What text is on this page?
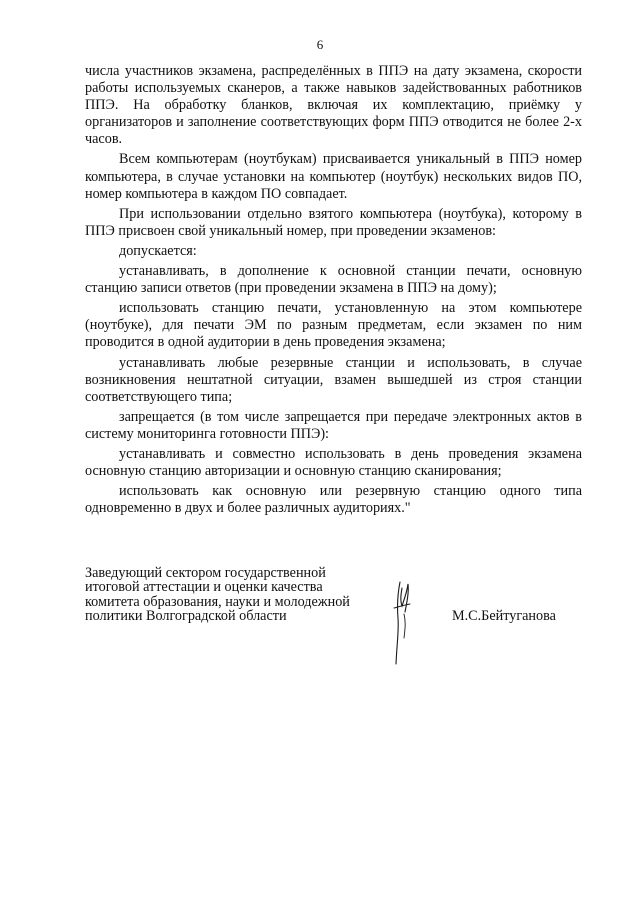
6

числа участников экзамена, распределённых в ППЭ на дату экзамена, скорости работы используемых сканеров, а также навыков задействованных работников ППЭ. На обработку бланков, включая их комплектацию, приёмку у организаторов и заполнение соответствующих форм ППЭ отводится не более 2-х часов.

Всем компьютерам (ноутбукам) присваивается уникальный в ППЭ номер компьютера, в случае установки на компьютер (ноутбук) нескольких видов ПО, номер компьютера в каждом ПО совпадает.

При использовании отдельно взятого компьютера (ноутбука), которому в ППЭ присвоен свой уникальный номер, при проведении экзаменов:

допускается:

устанавливать, в дополнение к основной станции печати, основную станцию записи ответов (при проведении экзамена в ППЭ на дому);

использовать станцию печати, установленную на этом компьютере (ноутбуке), для печати ЭМ по разным предметам, если экзамен по ним проводится в одной аудитории в день проведения экзамена;

устанавливать любые резервные станции и использовать, в случае возникновения нештатной ситуации, взамен вышедшей из строя станции соответствующего типа;

запрещается (в том числе запрещается при передаче электронных актов в систему мониторинга готовности ППЭ):

устанавливать и совместно использовать в день проведения экзамена основную станцию авторизации и основную станцию сканирования;

использовать как основную или резервную станцию одного типа одновременно в двух и более различных аудиториях."

Заведующий сектором государственной
итоговой аттестации и оценки качества
комитета образования, науки и молодежной
политики Волгоградской области	М.С.Бейтуганова
